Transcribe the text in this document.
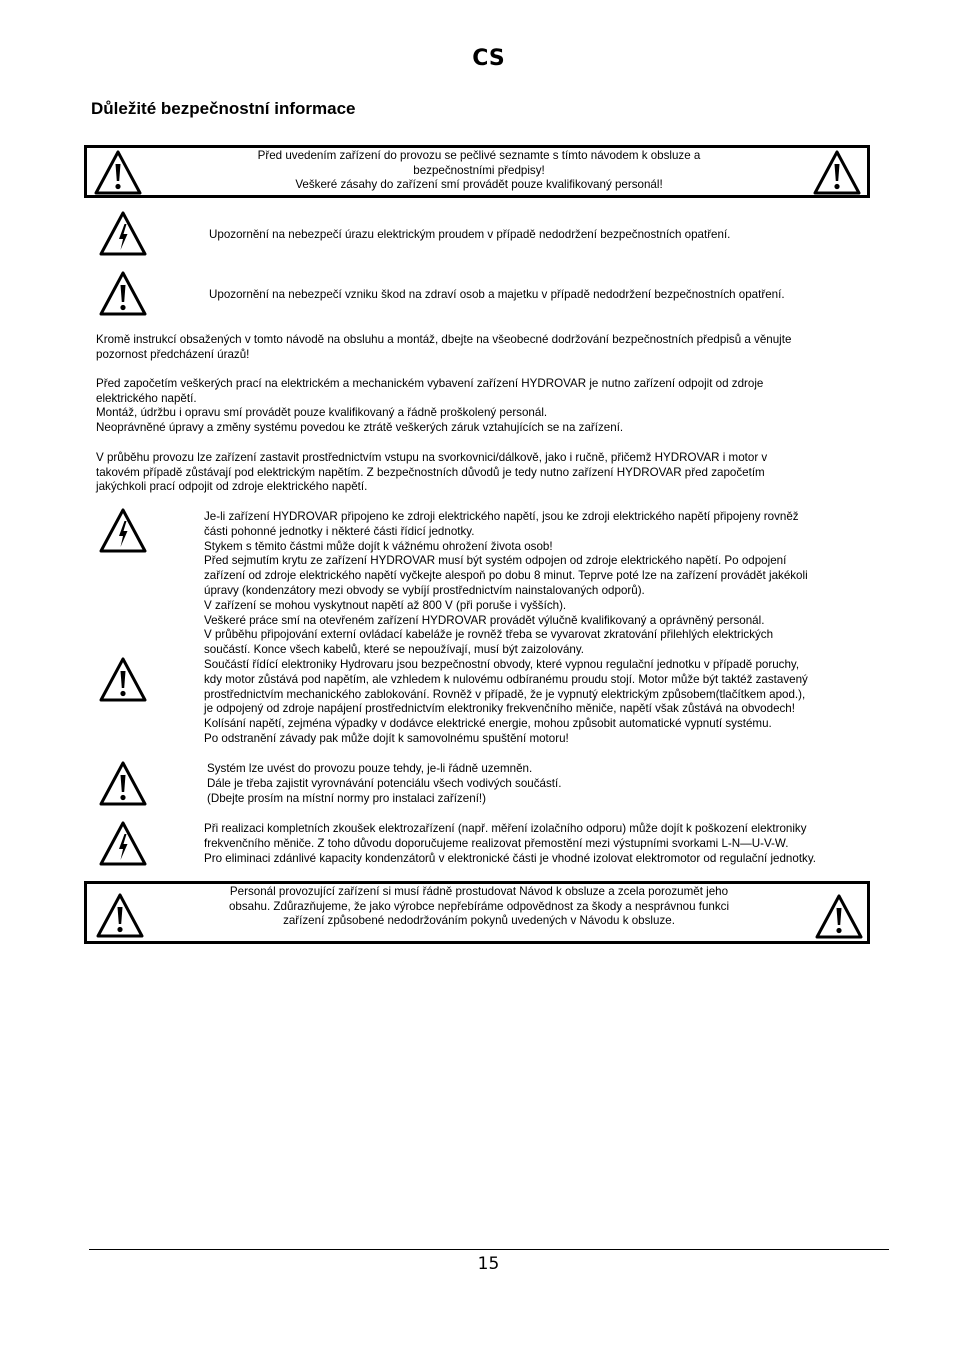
CS
Důležité bezpečnostní informace
Před uvedením zařízení do provozu se pečlivé seznamte s tímto návodem k obsluze a
bezpečnostními předpisy!
Veškeré zásahy do zařízení smí provádět pouze kvalifikovaný personál!
Upozornění na nebezpečí úrazu elektrickým proudem v případě nedodržení bezpečnostních opatření.
Upozornění na nebezpečí vzniku škod na zdraví osob a majetku v případě nedodržení bezpečnostních opatření.
Kromě instrukcí obsažených v tomto návodě na obsluhu a montáž, dbejte na všeobecné dodržování bezpečnostních předpisů a věnujte
pozornost předcházení úrazů!
Před započetím veškerých prací na elektrickém a mechanickém vybavení zařízení HYDROVAR je nutno zařízení odpojit od zdroje
elektrického napětí.
Montáž, údržbu i opravu smí provádět pouze kvalifikovaný a řádně proškolený personál.
Neoprávněné úpravy a změny systému povedou ke ztrátě veškerých záruk vztahujících se na zařízení.
V průběhu provozu lze zařízení zastavit prostřednictvím vstupu na svorkovnici/dálkově, jako i ručně, přičemž HYDROVAR i motor v
takovém případě zůstávají pod elektrickým napětím. Z bezpečnostních důvodů je tedy nutno zařízení HYDROVAR před započetím
jakýchkoli prací odpojit od zdroje elektrického napětí.
Je-li zařízení HYDROVAR připojeno ke zdroji elektrického napětí, jsou ke zdroji elektrického napětí připojeny rovněž
části pohonné jednotky i některé části řídicí jednotky.
Stykem s těmito částmi může dojít k vážnému ohrožení života osob!
Před sejmutím krytu ze zařízení HYDROVAR musí být systém odpojen od zdroje elektrického napětí. Po odpojení
zařízení od zdroje elektrického napětí vyčkejte alespoň po dobu 8 minut. Teprve poté lze na zařízení provádět jakékoli
úpravy (kondenzátory mezi obvody se vybíjí prostřednictvím nainstalovaných odporů).
V zařízení se mohou vyskytnout napětí až 800 V (při poruše i vyšších).
Veškeré práce smí na otevřeném zařízení HYDROVAR provádět výlučně kvalifikovaný a oprávněný personál.
V průběhu připojování externí ovládací kabeláže je rovněž třeba se vyvarovat zkratování přilehlých elektrických
součástí. Konce všech kabelů, které se nepoužívají, musí být zaizolovány.
Součástí řídící elektroniky Hydrovaru jsou bezpečnostní obvody, které vypnou regulační jednotku v případě poruchy,
kdy motor zůstává pod napětím, ale vzhledem k nulovému odbíranému proudu stojí. Motor může být taktéž zastavený
prostřednictvím mechanického zablokování. Rovněž v případě, že je vypnutý elektrickým způsobem(tlačítkem apod.),
je odpojený od zdroje napájení prostřednictvím elektroniky frekvenčního měniče, napětí však zůstává na obvodech!
Kolísání napětí, zejména výpadky v dodávce elektrické energie, mohou způsobit automatické vypnutí systému.
Po odstranění závady pak může dojít k samovolnému spuštění motoru!
Systém lze uvést do provozu pouze tehdy, je-li řádně uzemněn.
Dále je třeba zajistit vyrovnávání potenciálu všech vodivých součástí.
(Dbejte prosím na místní normy pro instalaci zařízení!)
Při realizaci kompletních zkoušek elektrozařízení (např. měření izolačního odporu) může dojít k poškození elektroniky
frekvenčního měniče. Z toho důvodu doporučujeme realizovat přemostění mezi výstupními svorkami L-N—U-V-W.
Pro eliminaci zdánlivé kapacity kondenzátorů v elektronické části je vhodné izolovat elektromotor od regulační jednotky.
Personál provozující zařízení si musí řádně prostudovat Návod k obsluze a zcela porozumět jeho
obsahu. Zdůrazňujeme, že jako výrobce nepřebíráme odpovědnost za škody a nesprávnou funkci
zařízení způsobené nedodržováním pokynů uvedených v Návodu k obsluze.
15
